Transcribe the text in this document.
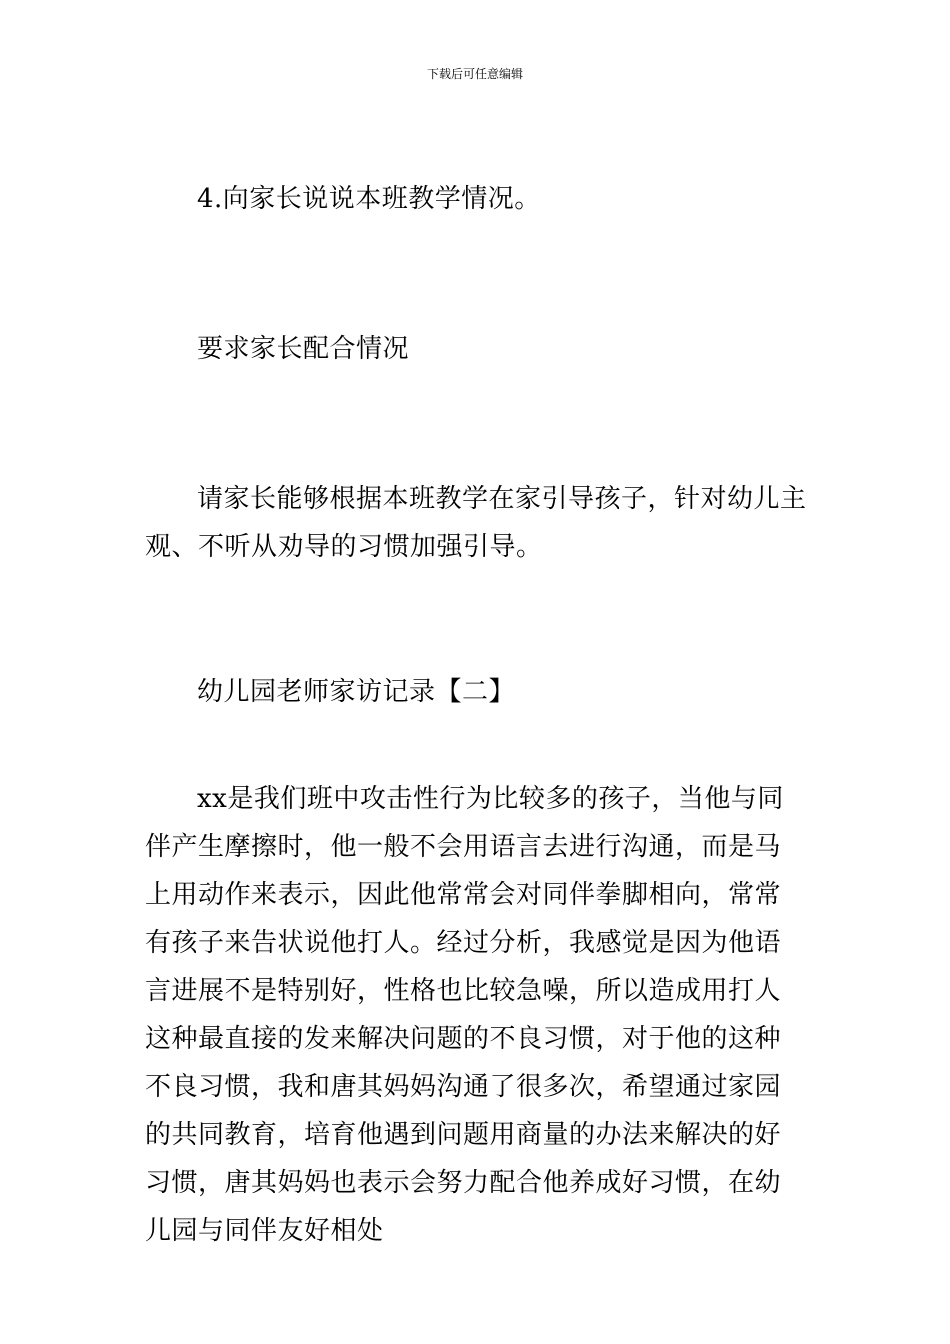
下载后可任意编辑

4.向家长说说本班教学情况。

要求家长配合情况

请家长能够根据本班教学在家引导孩子，针对幼儿主观、不听从劝导的习惯加强引导。

幼儿园老师家访记录【二】

xx是我们班中攻击性行为比较多的孩子，当他与同伴产生摩擦时，他一般不会用语言去进行沟通，而是马上用动作来表示，因此他常常会对同伴拳脚相向，常常有孩子来告状说他打人。经过分析，我感觉是因为他语言进展不是特别好，性格也比较急噪，所以造成用打人这种最直接的发来解决问题的不良习惯，对于他的这种不良习惯，我和唐其妈妈沟通了很多次，希望通过家园的共同教育，培育他遇到问题用商量的办法来解决的好习惯，唐其妈妈也表示会努力配合他养成好习惯，在幼儿园与同伴友好相处
